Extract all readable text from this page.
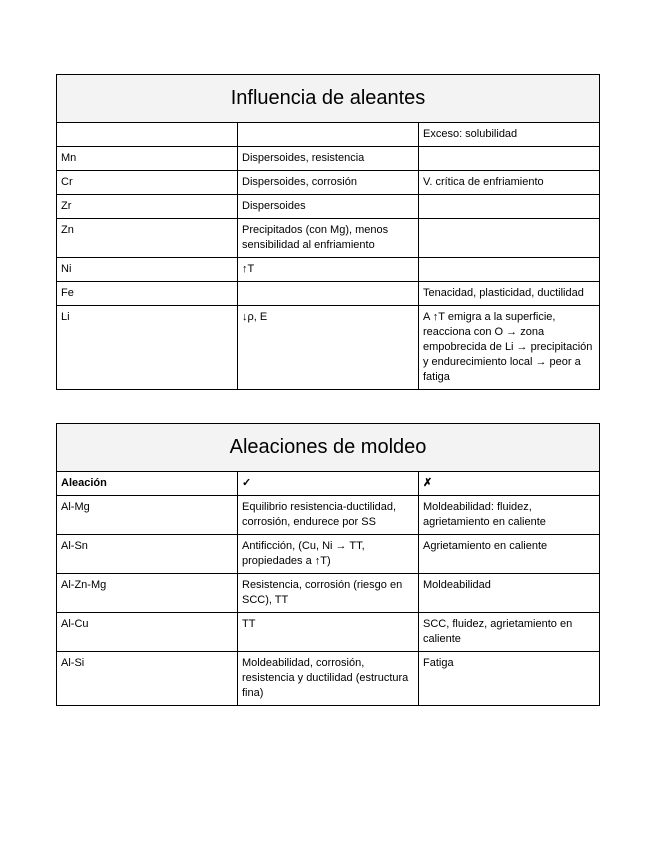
Influencia de aleantes		
		Exceso: solubilidad
Mn	Dispersoides, resistencia	
Cr	Dispersoides, corrosión	V. crítica de enfriamiento
Zr	Dispersoides	
Zn	Precipitados (con Mg), menos sensibilidad al enfriamiento	
Ni	↑T	
Fe		Tenacidad, plasticidad, ductilidad
Li	↓ρ, E	A ↑T emigra a la superficie, reacciona con O → zona empobrecida de Li → precipitación y endurecimiento local → peor a fatiga
Aleaciones de moldeo		
Aleación	✓	✗
Al-Mg	Equilibrio resistencia-ductilidad, corrosión, endurece por SS	Moldeabilidad: fluidez, agrietamiento en caliente
Al-Sn	Antificción, (Cu, Ni → TT, propiedades a ↑T)	Agrietamiento en caliente
Al-Zn-Mg	Resistencia, corrosión (riesgo en SCC), TT	Moldeabilidad
Al-Cu	TT	SCC, fluidez, agrietamiento en caliente
Al-Si	Moldeabilidad, corrosión, resistencia y ductilidad (estructura fina)	Fatiga
